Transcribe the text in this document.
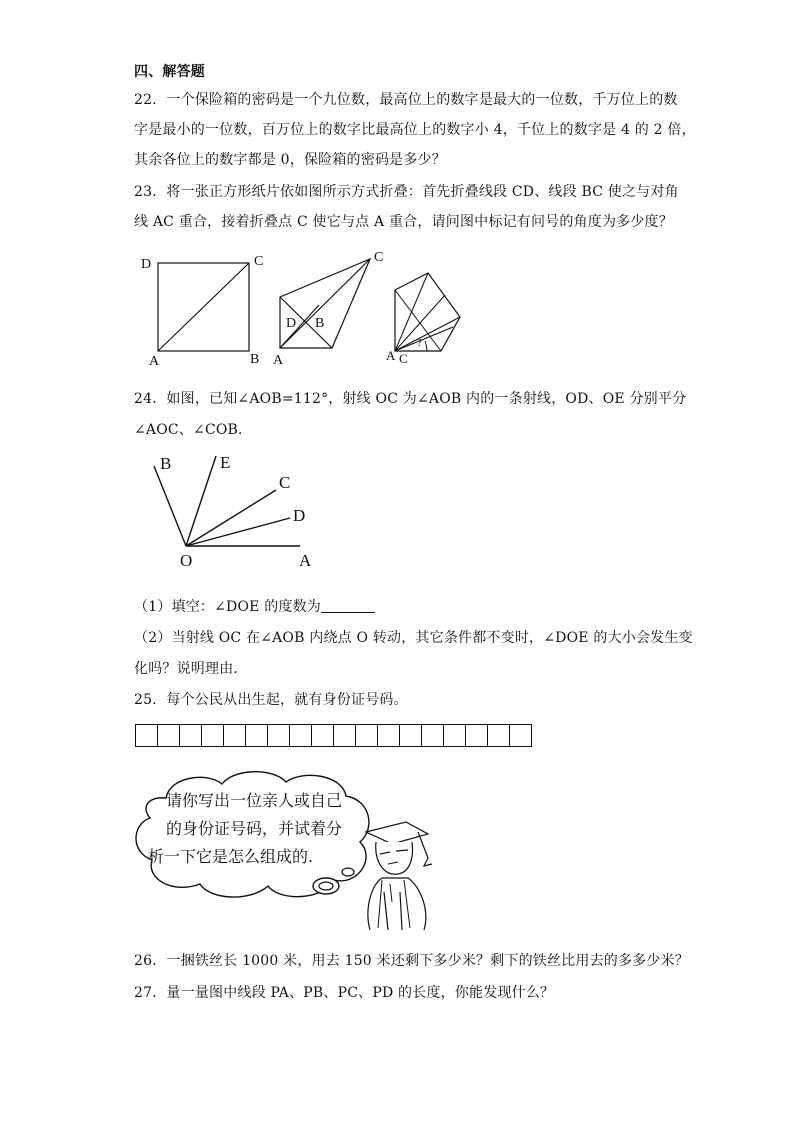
四、解答题
22．一个保险箱的密码是一个九位数，最高位上的数字是最大的一位数，千万位上的数
字是最小的一位数，百万位上的数字比最高位上的数字小 4，千位上的数字是 4 的 2 倍，
其余各位上的数字都是 0，保险箱的密码是多少？
23．将一张正方形纸片依如图所示方式折叠：首先折叠线段 CD、线段 BC 使之与对角
线 AC 重合，接着折叠点 C 使它与点 A 重合，请问图中标记有问号的角度为多少度？
D	C
A	B
C
D B
A	A C
?
24．如图，已知∠AOB=112°，射线 OC 为∠AOB 内的一条射线，OD、OE 分别平分
∠AOC、∠COB．
B	E
C
D
O	A
（1）填空：∠DOE 的度数为
（2）当射线 OC 在∠AOB 内绕点 O 转动，其它条件都不变时，∠DOE 的大小会发生变
化吗？说明理由．
25．每个公民从出生起，就有身份证号码。
请你写出一位亲人或自己
的身份证号码，并试着分
析一下它是怎么组成的.
26．一捆铁丝长 1000 米，用去 150 米还剩下多少米？剩下的铁丝比用去的多多少米？
27．量一量图中线段 PA、PB、PC、PD 的长度，你能发现什么？
